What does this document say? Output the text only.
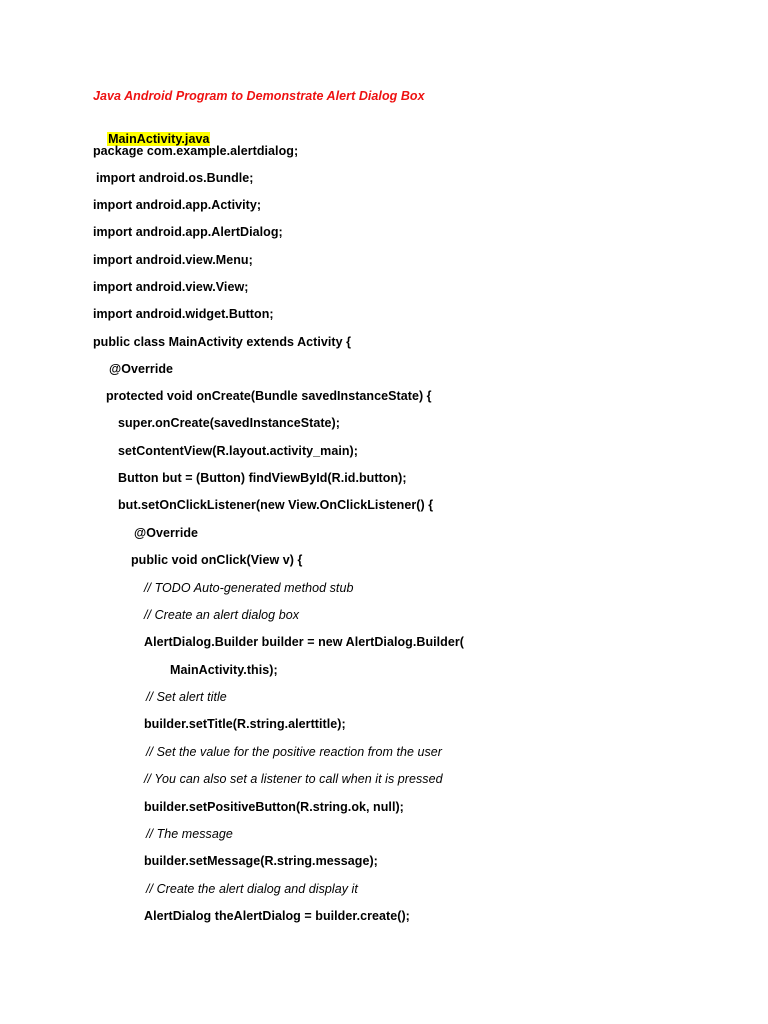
Java Android Program to Demonstrate Alert Dialog Box

MainActivity.java

package com.example.alertdialog;
import android.os.Bundle;
import android.app.Activity;
import android.app.AlertDialog;
import android.view.Menu;
import android.view.View;
import android.widget.Button;
public class MainActivity extends Activity {
@Override
protected void onCreate(Bundle savedInstanceState) {
super.onCreate(savedInstanceState);
setContentView(R.layout.activity_main);
Button but = (Button) findViewById(R.id.button);
but.setOnClickListener(new View.OnClickListener() {
@Override
public void onClick(View v) {
// TODO Auto-generated method stub
// Create an alert dialog box
AlertDialog.Builder builder = new AlertDialog.Builder(
MainActivity.this);
// Set alert title
builder.setTitle(R.string.alerttitle);
// Set the value for the positive reaction from the user
// You can also set a listener to call when it is pressed
builder.setPositiveButton(R.string.ok, null);
// The message
builder.setMessage(R.string.message);
// Create the alert dialog and display it
AlertDialog theAlertDialog = builder.create();
